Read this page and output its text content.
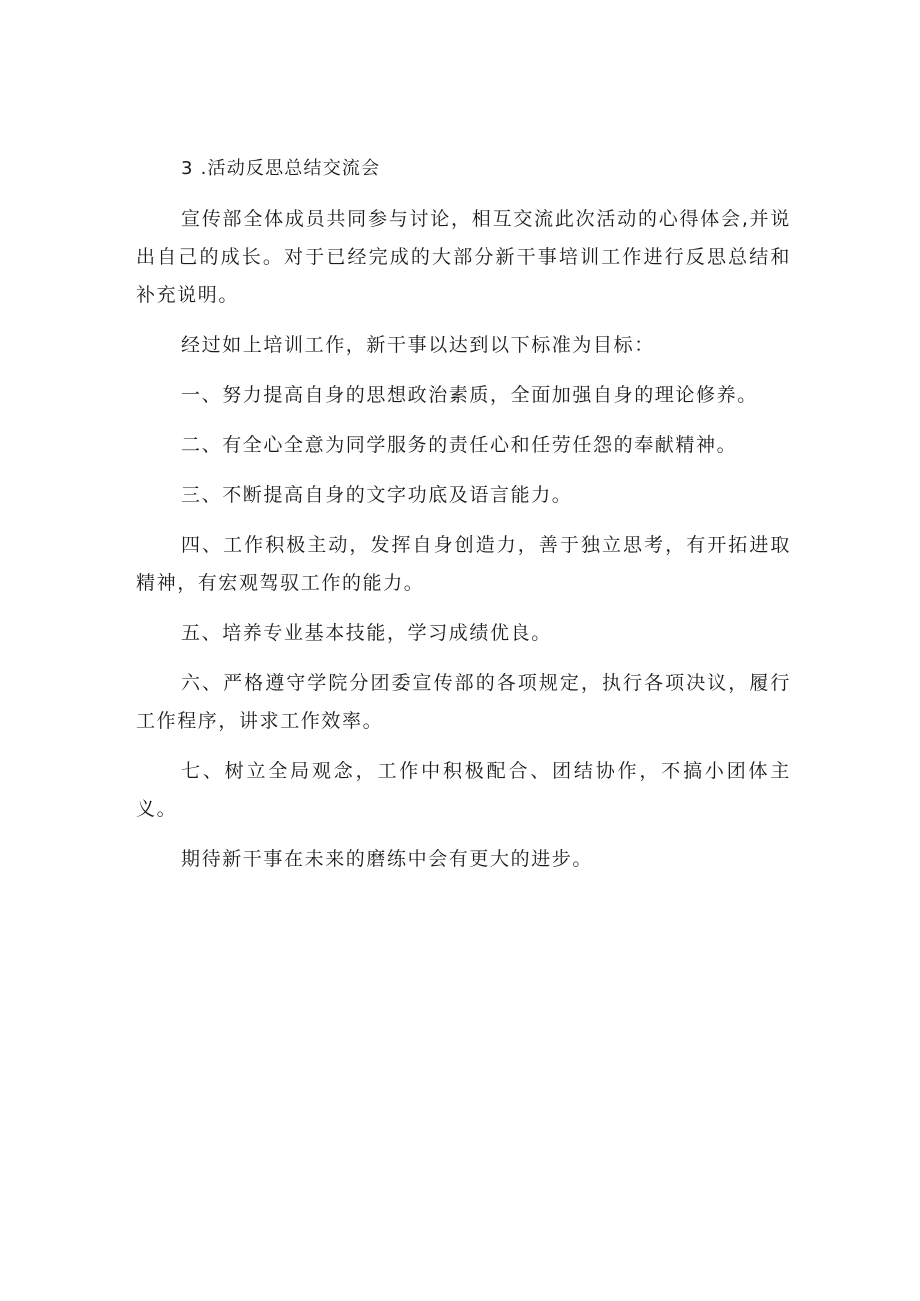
3 .活动反思总结交流会

宣传部全体成员共同参与讨论，相互交流此次活动的心得体会,并说出自己的成长。对于已经完成的大部分新干事培训工作进行反思总结和补充说明。

经过如上培训工作，新干事以达到以下标准为目标：

一、努力提高自身的思想政治素质，全面加强自身的理论修养。

二、有全心全意为同学服务的责任心和任劳任怨的奉献精神。

三、不断提高自身的文字功底及语言能力。

四、工作积极主动，发挥自身创造力，善于独立思考，有开拓进取精神，有宏观驾驭工作的能力。

五、培养专业基本技能，学习成绩优良。

六、严格遵守学院分团委宣传部的各项规定，执行各项决议，履行工作程序，讲求工作效率。

七、树立全局观念，工作中积极配合、团结协作，不搞小团体主义。

期待新干事在未来的磨练中会有更大的进步。
